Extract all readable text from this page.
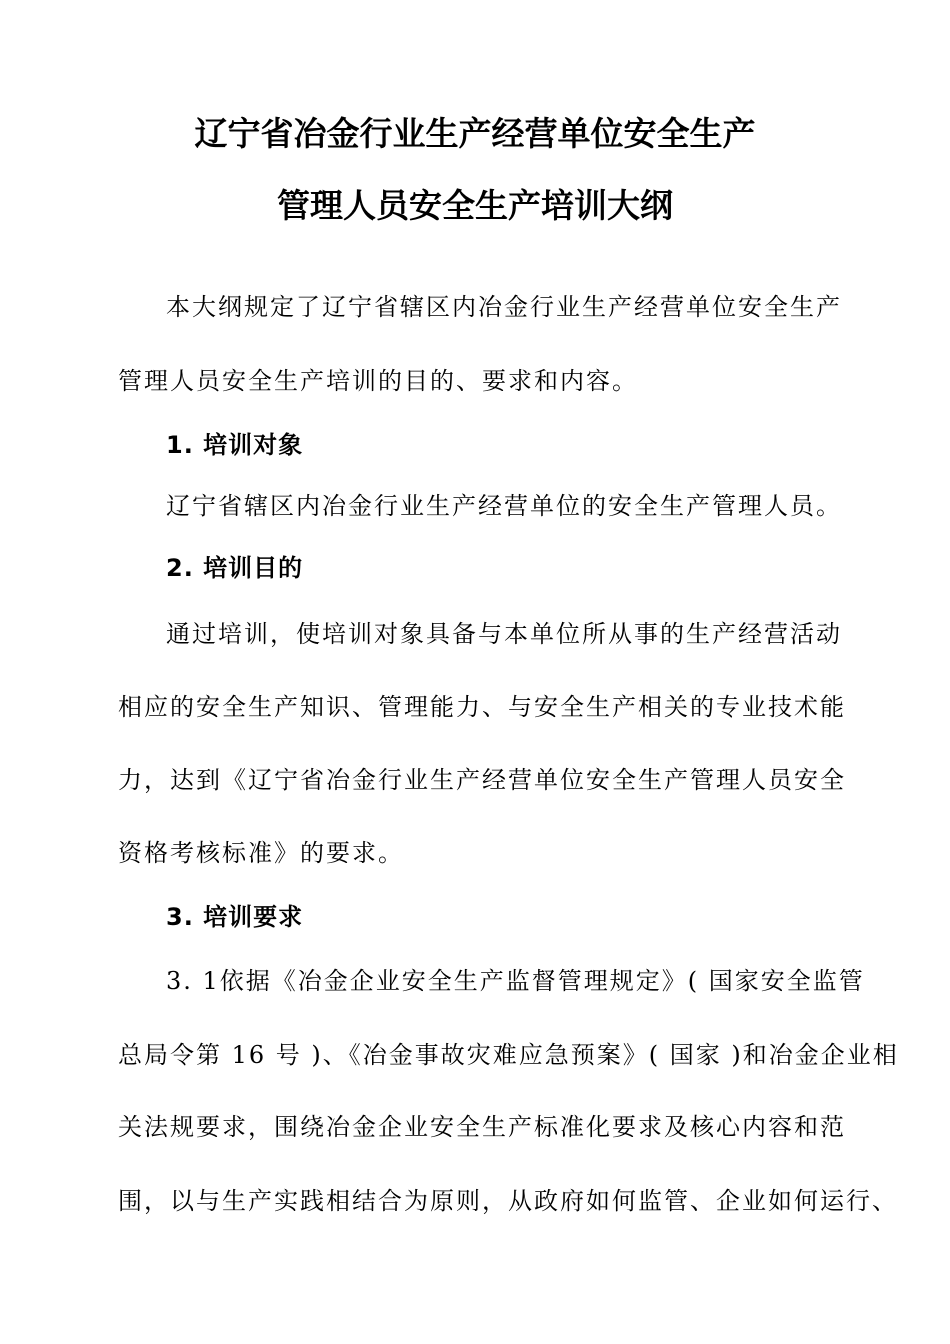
辽宁省冶金行业生产经营单位安全生产
管理人员安全生产培训大纲
本大纲规定了辽宁省辖区内冶金行业生产经营单位安全生产
管理人员安全生产培训的目的、要求和内容。
1. 培训对象
辽宁省辖区内冶金行业生产经营单位的安全生产管理人员。
2. 培训目的
通过培训，使培训对象具备与本单位所从事的生产经营活动
相应的安全生产知识、管理能力、与安全生产相关的专业技术能
力，达到《辽宁省冶金行业生产经营单位安全生产管理人员安全
资格考核标准》的要求。
3. 培训要求
3. 1依据《冶金企业安全生产监督管理规定》( 国家安全监管
总局令第 16 号 )、《冶金事故灾难应急预案》( 国家 )和冶金企业相
关法规要求，围绕冶金企业安全生产标准化要求及核心内容和范
围，以与生产实践相结合为原则，从政府如何监管、企业如何运行、
